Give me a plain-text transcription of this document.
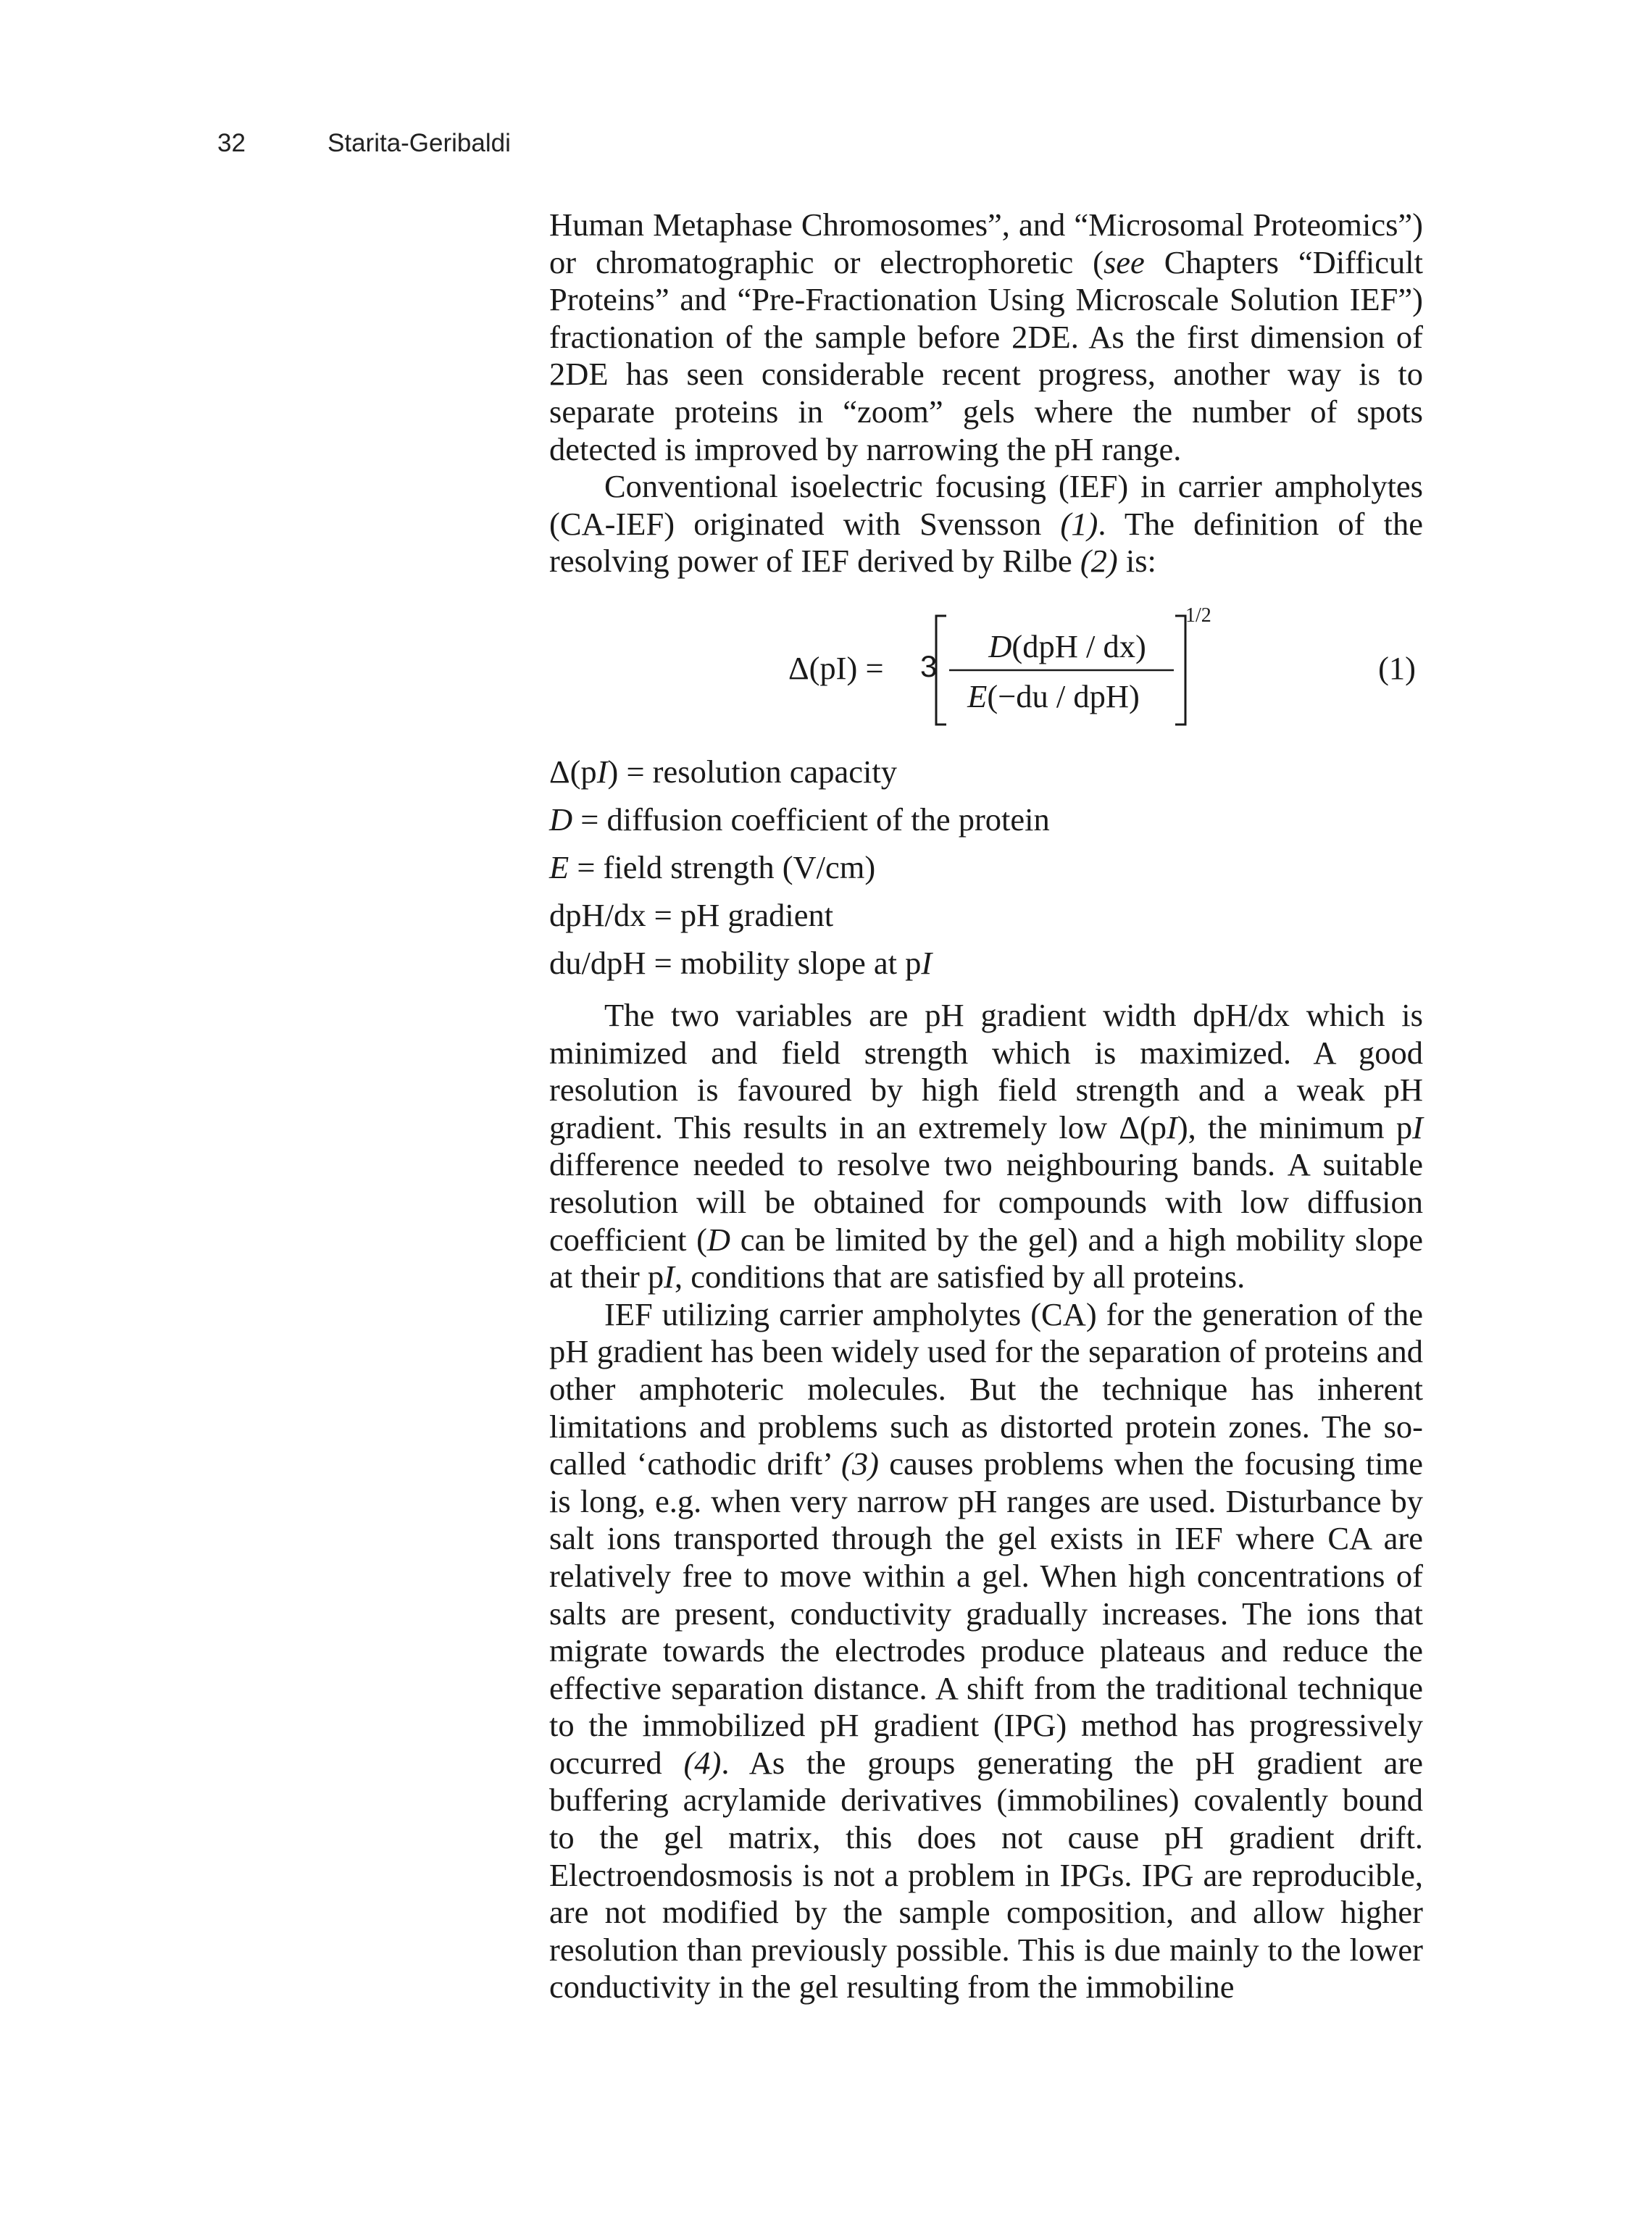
32	Starita-Geribaldi

Human Metaphase Chromosomes”, and “Microsomal Proteomics”) or chromatographic or electrophoretic (see Chapters “Difficult Proteins” and “Pre-Fractionation Using Microscale Solution IEF”) fractionation of the sample before 2DE. As the first dimension of 2DE has seen considerable recent progress, another way is to separate proteins in “zoom” gels where the number of spots detected is improved by narrowing the pH range.

Conventional isoelectric focusing (IEF) in carrier ampholytes (CA-IEF) originated with Svensson (1). The definition of the resolving power of IEF derived by Rilbe (2) is:

Δ(pI) = 3
D(dpH / dx)
E(−du / dpH)
1/2
(1)
Δ(pI) = resolution capacity
D = diffusion coefficient of the protein
E = field strength (V/cm)
dpH/dx = pH gradient
du/dpH = mobility slope at pI

The two variables are pH gradient width dpH/dx which is minimized and field strength which is maximized. A good resolution is favoured by high field strength and a weak pH gradient. This results in an extremely low Δ(pI), the minimum pI difference needed to resolve two neighbouring bands. A suitable resolution will be obtained for compounds with low diffusion coefficient (D can be limited by the gel) and a high mobility slope at their pI, conditions that are satisfied by all proteins.

IEF utilizing carrier ampholytes (CA) for the generation of the pH gradient has been widely used for the separation of proteins and other amphoteric molecules. But the technique has inherent limitations and problems such as distorted protein zones. The so-called ‘cathodic drift’ (3) causes problems when the focusing time is long, e.g. when very narrow pH ranges are used. Disturbance by salt ions transported through the gel exists in IEF where CA are relatively free to move within a gel. When high concentrations of salts are present, conductivity gradually increases. The ions that migrate towards the electrodes produce plateaus and reduce the effective separation distance. A shift from the traditional technique to the immobilized pH gradient (IPG) method has progressively occurred (4). As the groups generating the pH gradient are buffering acrylamide derivatives (immobilines) covalently bound to the gel matrix, this does not cause pH gradient drift. Electroendosmosis is not a problem in IPGs. IPG are reproducible, are not modified by the sample composition, and allow higher resolution than previously possible. This is due mainly to the lower conductivity in the gel resulting from the immobiline
